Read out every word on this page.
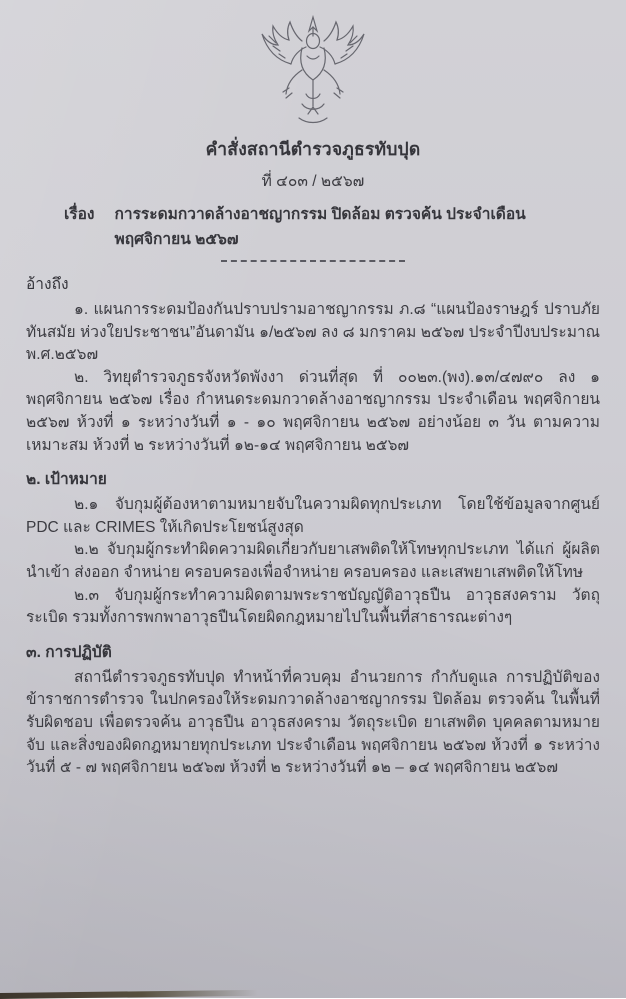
คำสั่งสถานีตำรวจภูธรทับปุด
ที่ ๔๐๓ / ๒๕๖๗
เรื่อง การระดมกวาดล้างอาชญากรรม ปิดล้อม ตรวจค้น ประจำเดือน พฤศจิกายน ๒๕๖๗
อ้างถึง

๑. แผนการระดมป้องกันปราบปรามอาชญากรรม ภ.๘ “แผนป้องราษฎร์ ปราบภัย ทันสมัย ห่วงใยประชาชน”อันดามัน ๑/๒๕๖๗ ลง ๘ มกราคม ๒๕๖๗ ประจำปีงบประมาณ พ.ศ.๒๕๖๗

๒. วิทยุตำรวจภูธรจังหวัดพังงา ด่วนที่สุด ที่ ๐๐๒๓.(พง).๑๓/๔๗๙๐ ลง ๑ พฤศจิกายน ๒๕๖๗ เรื่อง กำหนดระดมกวาดล้างอาชญากรรม ประจำเดือน พฤศจิกายน ๒๕๖๗ ห้วงที่ ๑ ระหว่างวันที่ ๑ - ๑๐ พฤศจิกายน ๒๕๖๗ อย่างน้อย ๓ วัน ตามความเหมาะสม ห้วงที่ ๒ ระหว่างวันที่ ๑๒-๑๔ พฤศจิกายน ๒๕๖๗

๒. เป้าหมาย

๒.๑ จับกุมผู้ต้องหาตามหมายจับในความผิดทุกประเภท โดยใช้ข้อมูลจากศูนย์ PDC และ CRIMES ให้เกิดประโยชน์สูงสุด

๒.๒ จับกุมผู้กระทำผิดความผิดเกี่ยวกับยาเสพติดให้โทษทุกประเภท ได้แก่ ผู้ผลิต นำเข้า ส่งออก จำหน่าย ครอบครองเพื่อจำหน่าย ครอบครอง และเสพยาเสพติดให้โทษ

๒.๓ จับกุมผู้กระทำความผิดตามพระราชบัญญัติอาวุธปืน อาวุธสงคราม วัตถุระเบิด รวมทั้งการพกพาอาวุธปืนโดยผิดกฎหมายไปในพื้นที่สาธารณะต่างๆ

๓. การปฏิบัติ

สถานีตำรวจภูธรทับปุด ทำหน้าที่ควบคุม อำนวยการ กำกับดูแล การปฏิบัติของข้าราชการตำรวจ ในปกครองให้ระดมกวาดล้างอาชญากรรม ปิดล้อม ตรวจค้น ในพื้นที่รับผิดชอบ เพื่อตรวจค้น อาวุธปืน อาวุธสงคราม วัตถุระเบิด ยาเสพติด บุคคลตามหมายจับ และสิ่งของผิดกฎหมายทุกประเภท ประจำเดือน พฤศจิกายน ๒๕๖๗ ห้วงที่ ๑ ระหว่างวันที่ ๕ - ๗ พฤศจิกายน ๒๕๖๗ ห้วงที่ ๒ ระหว่างวันที่ ๑๒ – ๑๔ พฤศจิกายน ๒๕๖๗
